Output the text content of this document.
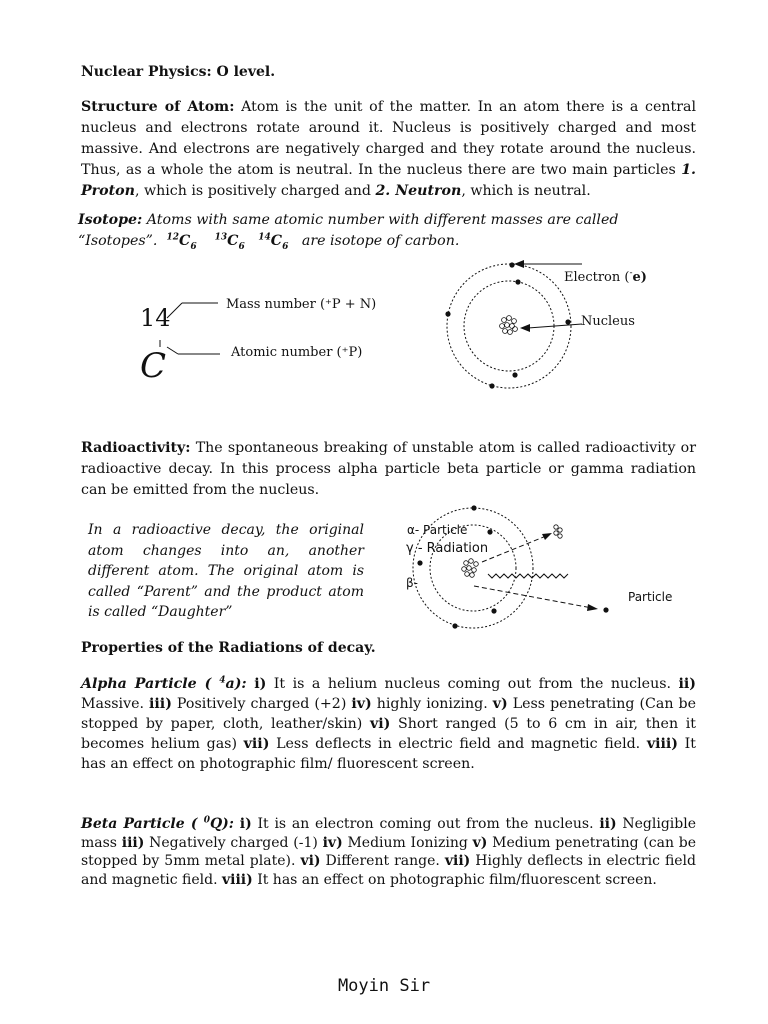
Nuclear Physics: O level.
Structure of Atom: Atom is the unit of the matter. In an atom there is a central nucleus and electrons rotate around it. Nucleus is positively charged and most massive. And electrons are negatively charged and they rotate around the nucleus. Thus, as a whole the atom is neutral. In the nucleus there are two main particles 1. Proton, which is positively charged and 2. Neutron, which is neutral.
Isotope: Atoms with same atomic number with different masses are called
“Isotopes”. $^{12}C_6$    $^{13}C_6$   $^{14}C_6$ are isotope of carbon.
14
C
Mass number (⁺P + N)
Atomic number (⁺P)
Electron (-e)
Nucleus
Radioactivity: The spontaneous breaking of unstable atom is called radioactivity or radioactive decay. In this process alpha particle beta particle or gamma radiation can be emitted from the nucleus.
In a radioactive decay, the original atom changes into an, another different atom. The original atom is called “Parent” and the product atom is called “Daughter”
α- Particle
γ - Radiation
β-
Particle
Properties of the Radiations of decay.
Alpha Particle ( $^4$a): i) It is a helium nucleus coming out from the nucleus. ii) Massive. iii) Positively charged (+2) iv) highly ionizing. v) Less penetrating (Can be stopped by paper, cloth, leather/skin) vi) Short ranged (5 to 6 cm in air, then it becomes helium gas) vii) Less deflects in electric field and magnetic field. viii) It has an effect on photographic film/ fluorescent screen.
Beta Particle ( $^0$Q): i) It is an electron coming out from the nucleus. ii) Negligible mass iii) Negatively charged (-1) iv) Medium Ionizing v) Medium penetrating (can be stopped by 5mm metal plate). vi) Different range. vii) Highly deflects in electric field and magnetic field. viii) It has an effect on photographic film/fluorescent screen.
Moyin Sir
